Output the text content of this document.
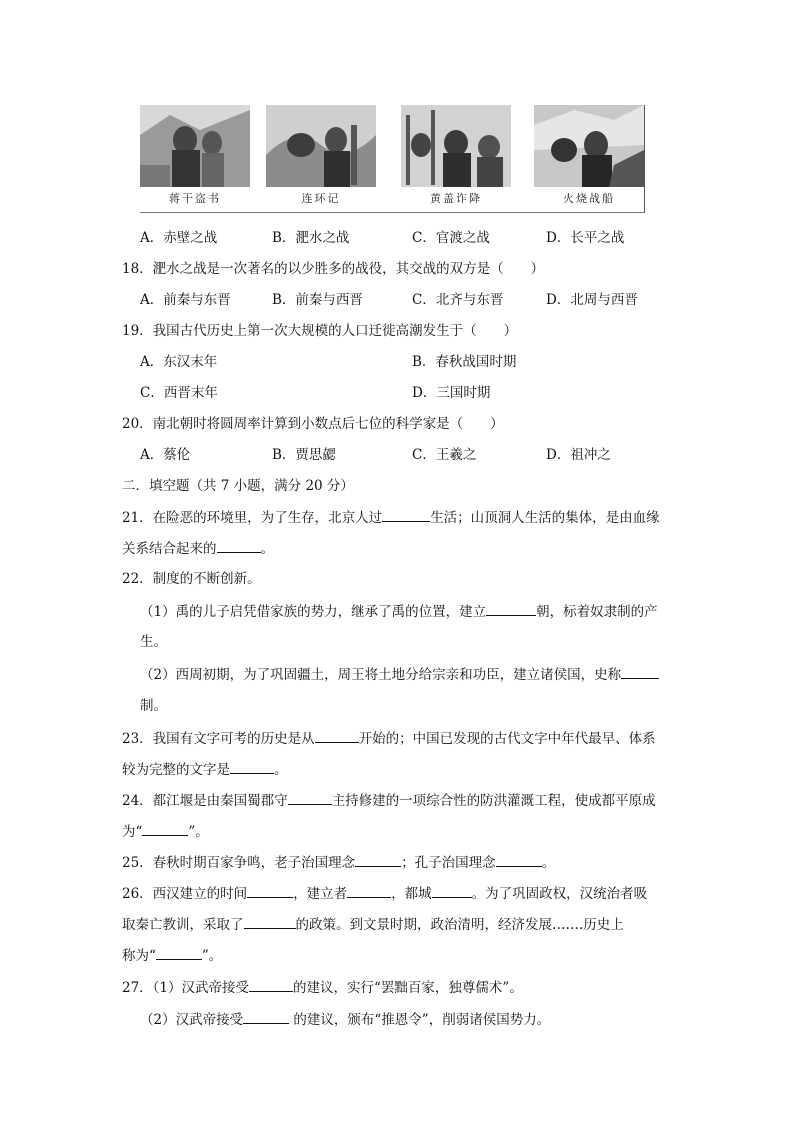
蒋干盗书	连环记	黄盖诈降	火烧战船
A．赤壁之战	B．淝水之战	C．官渡之战	D．长平之战
18．淝水之战是一次著名的以少胜多的战役，其交战的双方是（　　）
A．前秦与东晋	B．前秦与西晋	C．北齐与东晋	D．北周与西晋
19．我国古代历史上第一次大规模的人口迁徙高潮发生于（　　）
A．东汉末年	B．春秋战国时期
C．西晋末年	D．三国时期
20．南北朝时将圆周率计算到小数点后七位的科学家是（　　）
A．蔡伦	B．贾思勰	C．王羲之	D．祖冲之
二．填空题（共 7 小题，满分 20 分）
21．在险恶的环境里，为了生存，北京人过	生活；山顶洞人生活的集体，是由血缘
关系结合起来的	。
22．制度的不断创新。
（1）禹的儿子启凭借家族的势力，继承了禹的位置，建立	朝，标着奴隶制的产
生。
（2）西周初期，为了巩固疆土，周王将土地分给宗亲和功臣，建立诸侯国，史称
制。
23．我国有文字可考的历史是从	开始的；中国已发现的古代文字中年代最早、体系
较为完整的文字是	。
24．都江堰是由秦国蜀郡守	主持修建的一项综合性的防洪灌溉工程，使成都平原成
为“	”。
25．春秋时期百家争鸣，老子治国理念	；孔子治国理念	。
26．西汉建立的时间	，建立者	，都城	。为了巩固政权，汉统治者吸
取秦亡教训，采取了	的政策。到文景时期，政治清明，经济发展…….历史上
称为“	”。
27．（1）汉武帝接受	的建议，实行“罢黜百家，独尊儒术”。
（2）汉武帝接受	的建议，颁布“推恩令”，削弱诸侯国势力。
